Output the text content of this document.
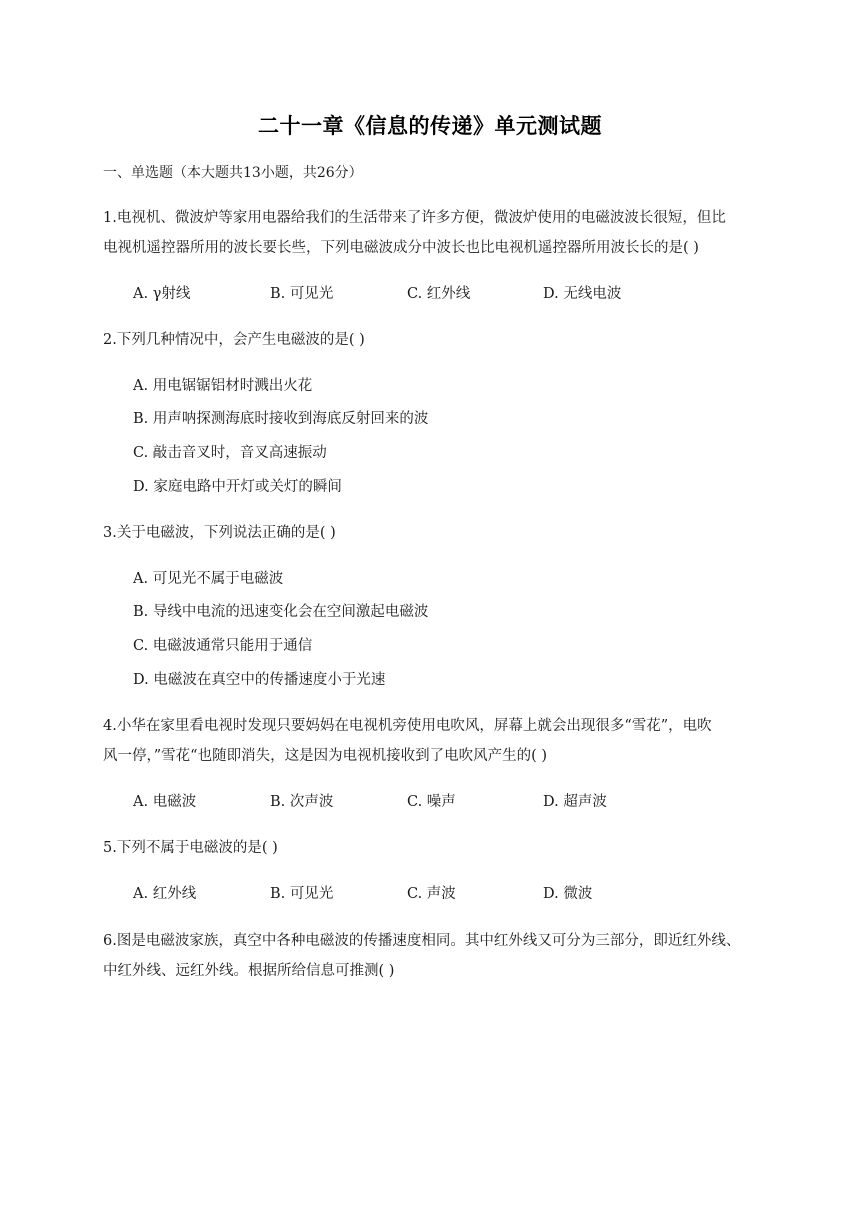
二十一章《信息的传递》单元测试题
一、单选题（本大题共13小题，共26分）
1.电视机、微波炉等家用电器给我们的生活带来了许多方便，微波炉使用的电磁波波长很短，但比
电视机遥控器所用的波长要长些，下列电磁波成分中波长也比电视机遥控器所用波长长的是( )
A. γ射线	B. 可见光	C. 红外线	D. 无线电波
2.下列几种情况中，会产生电磁波的是( )
A. 用电锯锯铝材时溅出火花
B. 用声呐探测海底时接收到海底反射回来的波
C. 敲击音叉时，音叉高速振动
D. 家庭电路中开灯或关灯的瞬间
3.关于电磁波，下列说法正确的是( )
A. 可见光不属于电磁波
B. 导线中电流的迅速变化会在空间激起电磁波
C. 电磁波通常只能用于通信
D. 电磁波在真空中的传播速度小于光速
4.小华在家里看电视时发现只要妈妈在电视机旁使用电吹风，屏幕上就会出现很多“雪花”，电吹
风一停，”雪花“也随即消失，这是因为电视机接收到了电吹风产生的( )
A. 电磁波	B. 次声波	C. 噪声	D. 超声波
5.下列不属于电磁波的是( )
A. 红外线	B. 可见光	C. 声波	D. 微波
6.图是电磁波家族，真空中各种电磁波的传播速度相同。其中红外线又可分为三部分，即近红外线、
中红外线、远红外线。根据所给信息可推测( )
